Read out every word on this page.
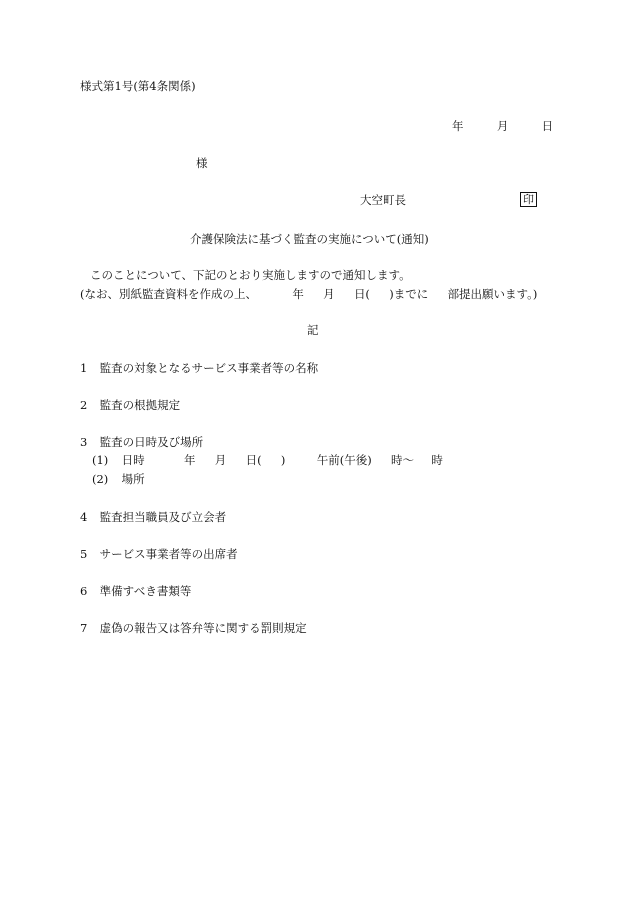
様式第1号(第4条関係)
年	月	日
様
大空町長	印
介護保険法に基づく監査の実施について(通知)
このことについて、下記のとおり実施しますので通知します。
(なお、別紙監査資料を作成の上、	年 月 日( )までに 部提出願います。)
記
1 監査の対象となるサービス事業者等の名称
2 監査の根拠規定
3 監査の日時及び場所
(1) 日時	年 月 日( )	午前(午後) 時〜 時
(2) 場所
4 監査担当職員及び立会者
5 サービス事業者等の出席者
6 準備すべき書類等
7 虚偽の報告又は答弁等に関する罰則規定
